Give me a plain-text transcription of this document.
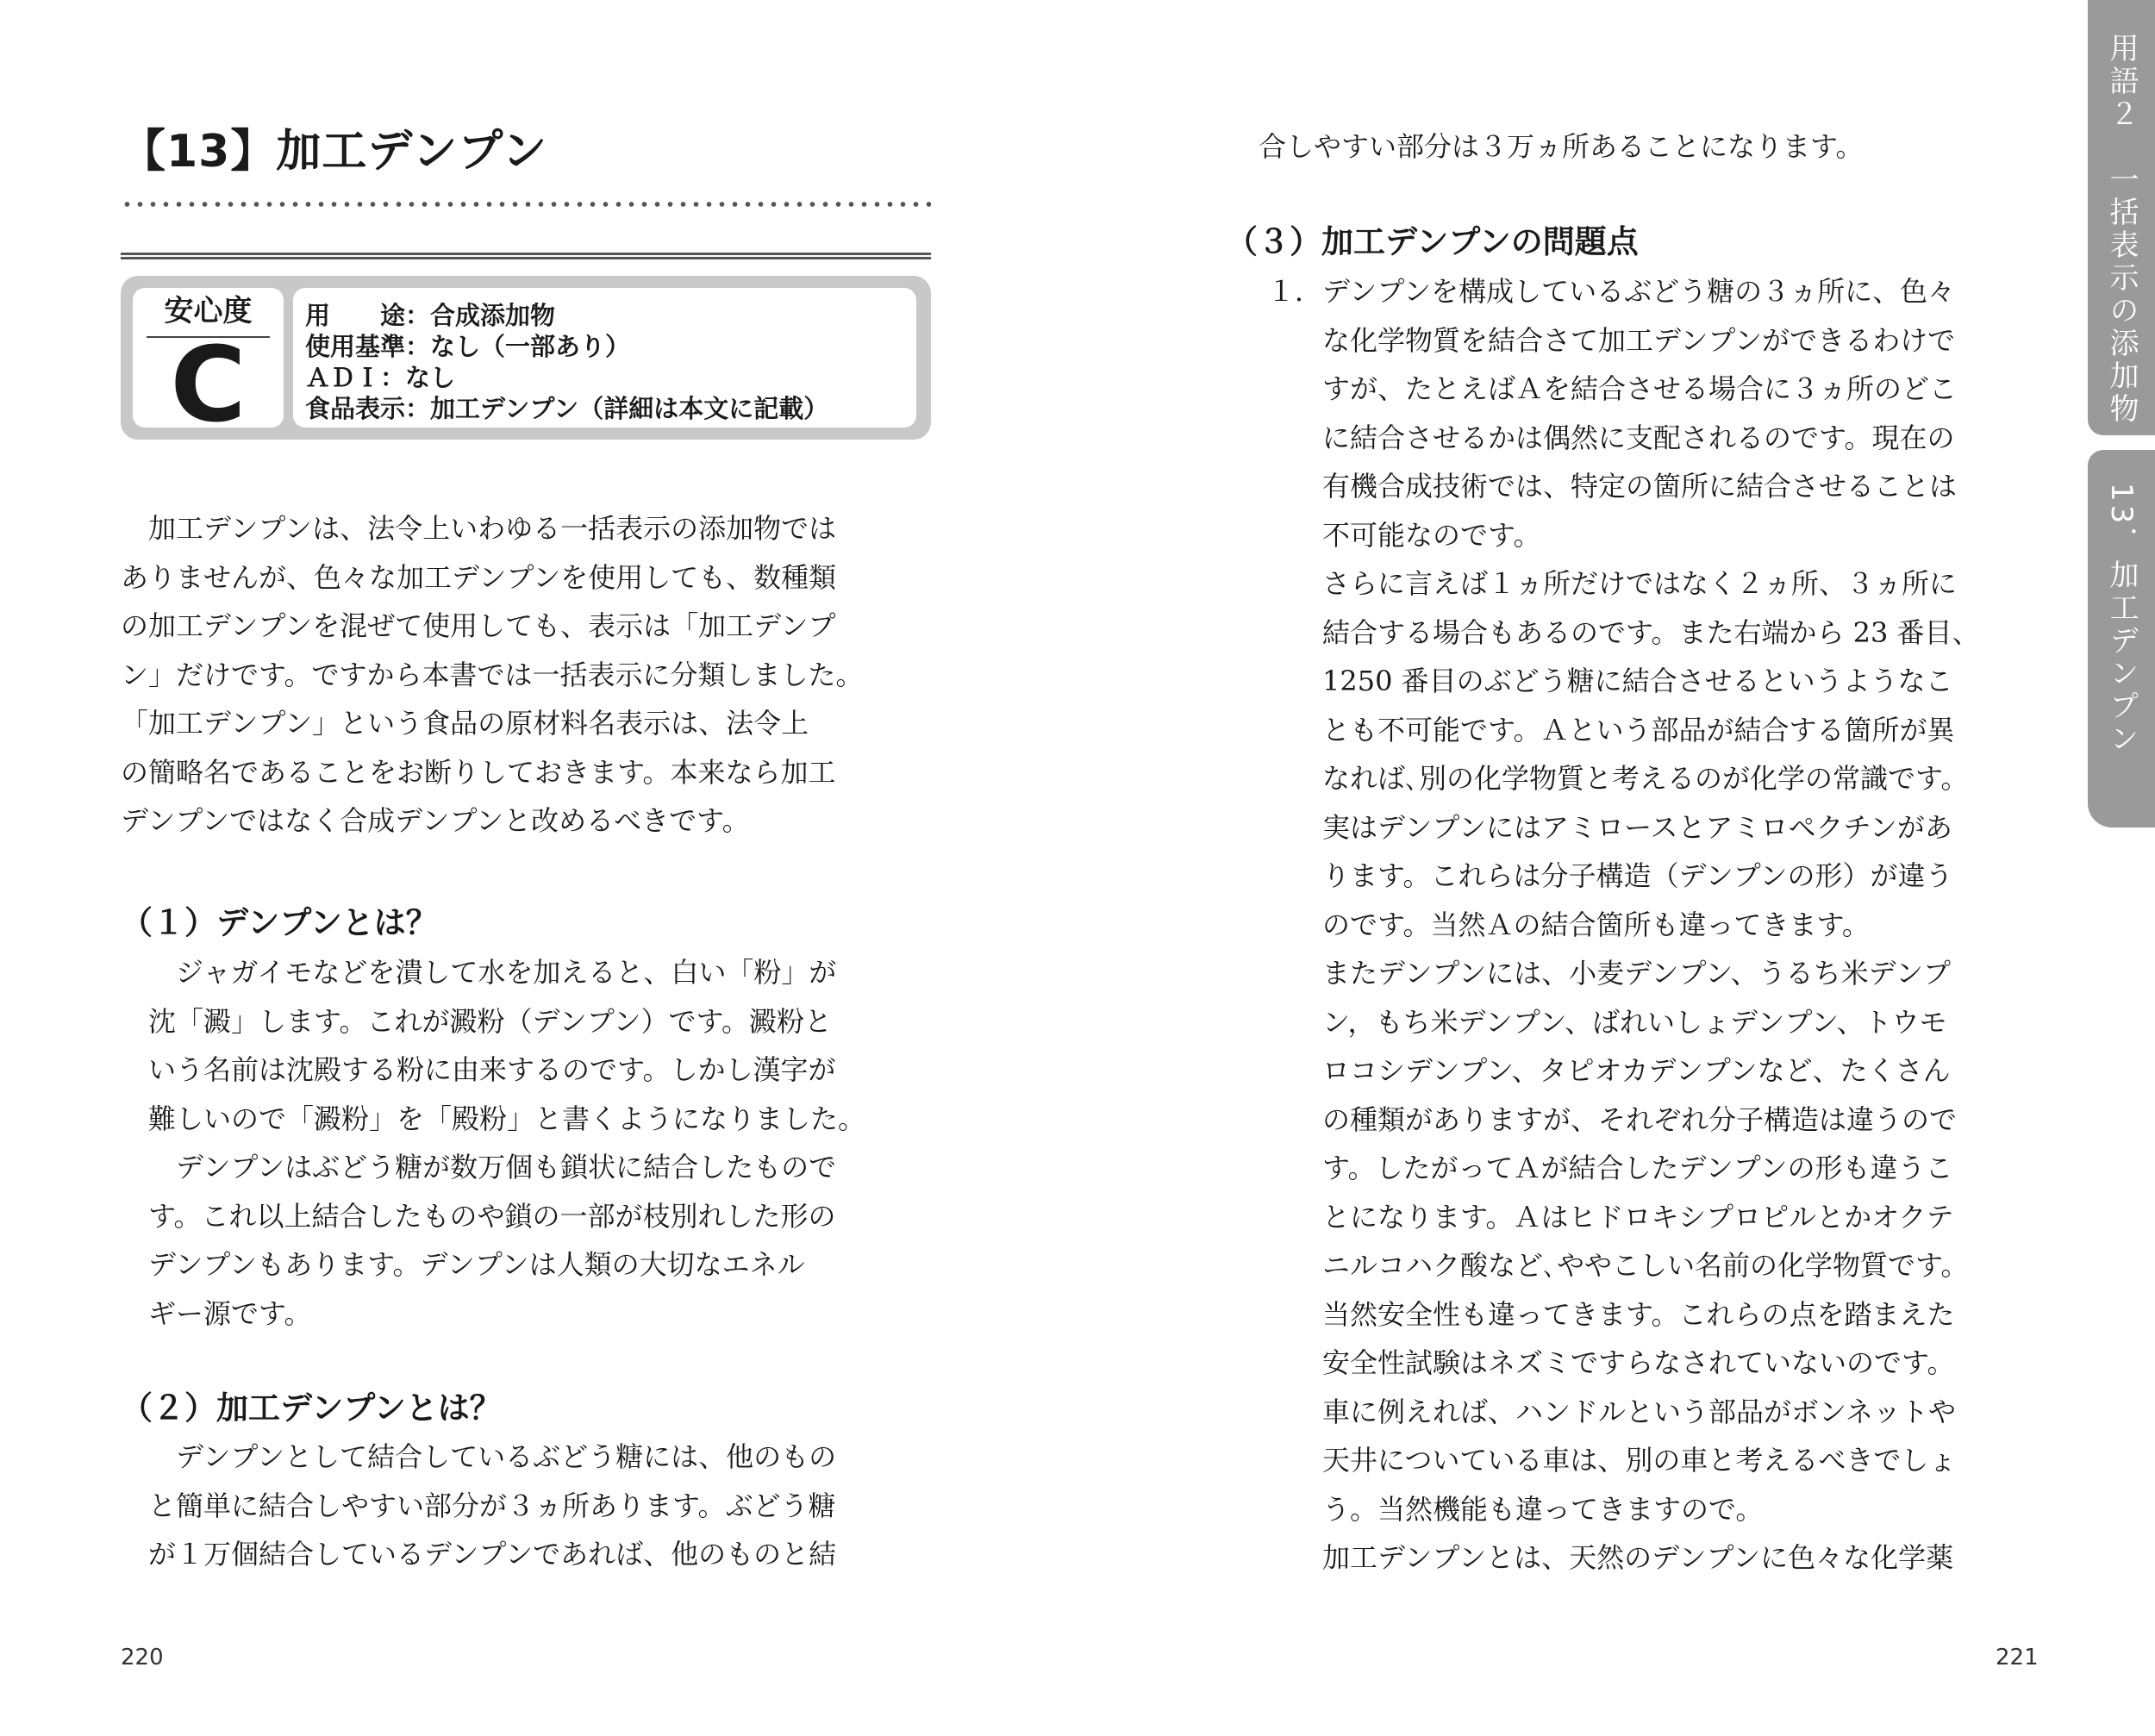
【13】加工デンプン
安心度
C
用　　途：合成添加物
使用基準：なし（一部あり）
ＡＤＩ：なし
食品表示：加工デンプン（詳細は本文に記載）
　加工デンプンは、法令上いわゆる一括表示の添加物では
ありませんが、色々な加工デンプンを使用しても、数種類
の加工デンプンを混ぜて使用しても、表示は「加工デンプ
ン」だけです。ですから本書では一括表示に分類しました。
「加工デンプン」という食品の原材料名表示は、法令上
の簡略名であることをお断りしておきます。本来なら加工
デンプンではなく合成デンプンと改めるべきです。
（１）デンプンとは？
　ジャガイモなどを潰して水を加えると、白い「粉」が
沈「澱」します。これが澱粉（デンプン）です。澱粉と
いう名前は沈殿する粉に由来するのです。しかし漢字が
難しいので「澱粉」を「殿粉」と書くようになりました。
　デンプンはぶどう糖が数万個も鎖状に結合したもので
す。これ以上結合したものや鎖の一部が枝別れした形の
デンプンもあります。デンプンは人類の大切なエネル
ギー源です。
（２）加工デンプンとは？
　デンプンとして結合しているぶどう糖には、他のもの
と簡単に結合しやすい部分が３ヵ所あります。ぶどう糖
が１万個結合しているデンプンであれば、他のものと結
220
合しやすい部分は３万ヵ所あることになります。
（３）加工デンプンの問題点
１．デンプンを構成しているぶどう糖の３ヵ所に、色々
　　な化学物質を結合さて加工デンプンができるわけで
　　すが、たとえばＡを結合させる場合に３ヵ所のどこ
　　に結合させるかは偶然に支配されるのです。現在の
　　有機合成技術では、特定の箇所に結合させることは
　　不可能なのです。
　　さらに言えば１ヵ所だけではなく２ヵ所、３ヵ所に
　　結合する場合もあるのです。また右端から 23 番目、
　　1250 番目のぶどう糖に結合させるというようなこ
　　とも不可能です。Ａという部品が結合する箇所が異
　　なれば､別の化学物質と考えるのが化学の常識です。
　　実はデンプンにはアミロースとアミロペクチンがあ
　　ります。これらは分子構造（デンプンの形）が違う
　　のです。当然Ａの結合箇所も違ってきます。
　　またデンプンには、小麦デンプン、うるち米デンプ
　　ン，もち米デンプン、ばれいしょデンプン、トウモ
　　ロコシデンプン、タピオカデンプンなど、たくさん
　　の種類がありますが、それぞれ分子構造は違うので
　　す。したがってＡが結合したデンプンの形も違うこ
　　とになります。Ａはヒドロキシプロピルとかオクテ
　　ニルコハク酸など､ややこしい名前の化学物質です。
　　当然安全性も違ってきます。これらの点を踏まえた
　　安全性試験はネズミですらなされていないのです。
　　車に例えれば、ハンドルという部品がボンネットや
　　天井についている車は、別の車と考えるべきでしょ
　　う。当然機能も違ってきますので。
　　加工デンプンとは、天然のデンプンに色々な化学薬
221
用語２　一括表示の添加物
13．加工デンプン
